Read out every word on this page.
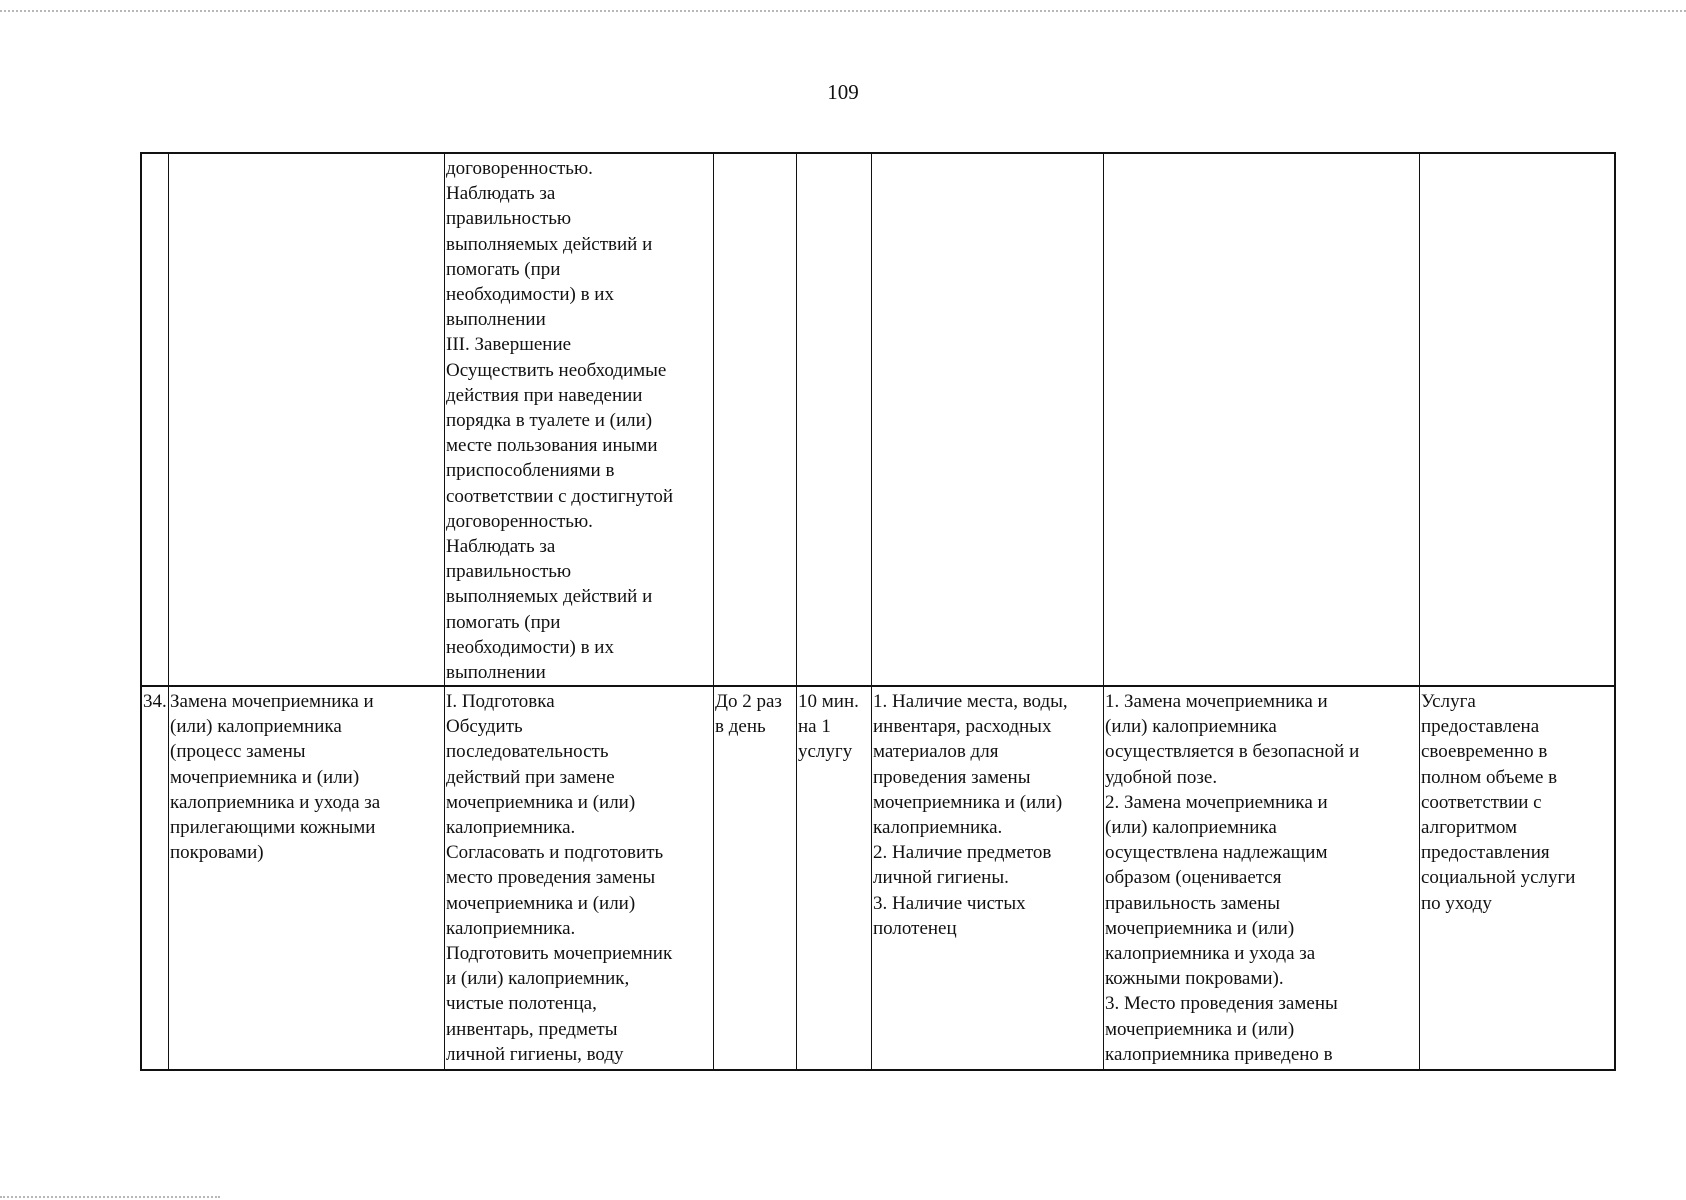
109
договоренностью.
Наблюдать за
правильностью
выполняемых действий и
помогать (при
необходимости) в их
выполнении
III. Завершение
Осуществить необходимые
действия при наведении
порядка в туалете и (или)
месте пользования иными
приспособлениями в
соответствии с достигнутой
договоренностью.
Наблюдать за
правильностью
выполняемых действий и
помогать (при
необходимости) в их
выполнении
34. Замена мочеприемника и
(или) калоприемника
(процесс замены
мочеприемника и (или)
калоприемника и ухода за
прилегающими кожными
покровами)
I. Подготовка
Обсудить
последовательность
действий при замене
мочеприемника и (или)
калоприемника.
Согласовать и подготовить
место проведения замены
мочеприемника и (или)
калоприемника.
Подготовить мочеприемник
и (или) калоприемник,
чистые полотенца,
инвентарь, предметы
личной гигиены, воду
До 2 раз
в день
10 мин.
на 1
услугу
1. Наличие места, воды,
инвентаря, расходных
материалов для
проведения замены
мочеприемника и (или)
калоприемника.
2. Наличие предметов
личной гигиены.
3. Наличие чистых
полотенец
1. Замена мочеприемника и
(или) калоприемника
осуществляется в безопасной и
удобной позе.
2. Замена мочеприемника и
(или) калоприемника
осуществлена надлежащим
образом (оценивается
правильность замены
мочеприемника и (или)
калоприемника и ухода за
кожными покровами).
3. Место проведения замены
мочеприемника и (или)
калоприемника приведено в
Услуга
предоставлена
своевременно в
полном объеме в
соответствии с
алгоритмом
предоставления
социальной услуги
по уходу
